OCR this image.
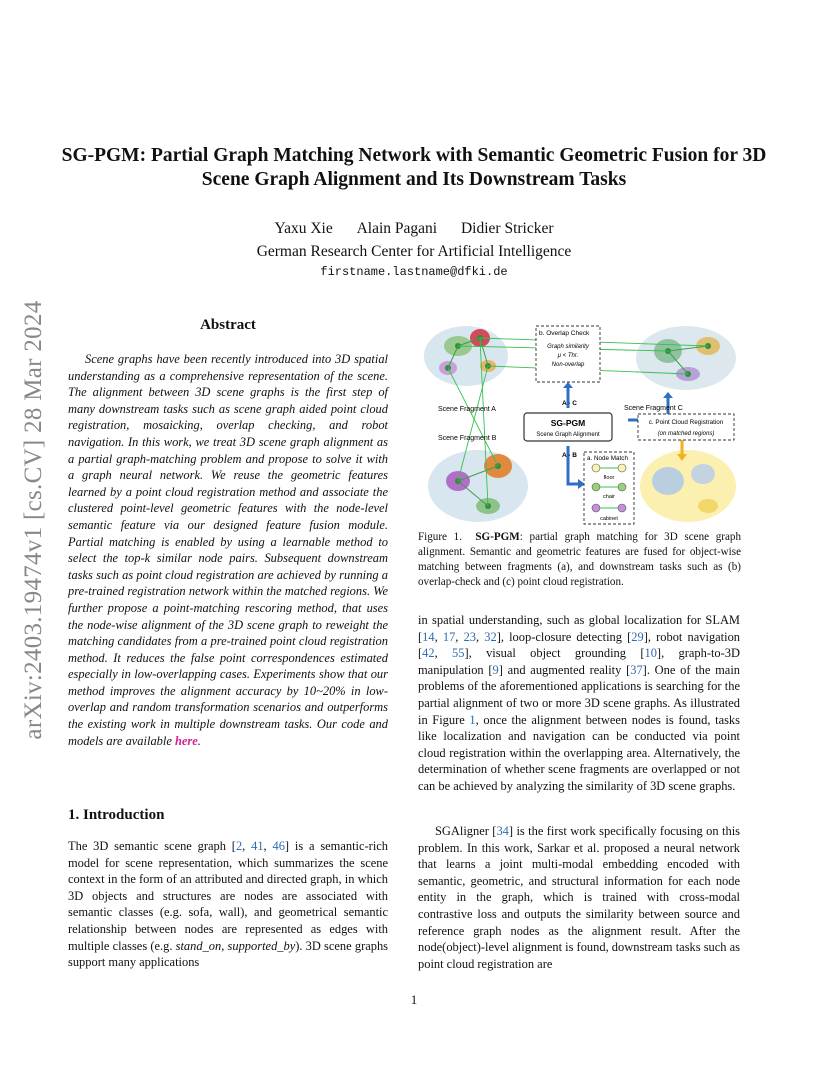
arXiv:2403.19474v1 [cs.CV] 28 Mar 2024
SG-PGM: Partial Graph Matching Network with Semantic Geometric Fusion for 3D Scene Graph Alignment and Its Downstream Tasks
Yaxu Xie Alain Pagani Didier Stricker
German Research Center for Artificial Intelligence
firstname.lastname@dfki.de
Abstract

Scene graphs have been recently introduced into 3D spatial understanding as a comprehensive representation of the scene. The alignment between 3D scene graphs is the first step of many downstream tasks such as scene graph aided point cloud registration, mosaicking, overlap checking, and robot navigation. In this work, we treat 3D scene graph alignment as a partial graph-matching problem and propose to solve it with a graph neural network. We reuse the geometric features learned by a point cloud registration method and associate the clustered point-level geometric features with the node-level semantic feature via our designed feature fusion module. Partial matching is enabled by using a learnable method to select the top-k similar node pairs. Subsequent downstream tasks such as point cloud registration are achieved by running a pre-trained registration network within the matched regions. We further propose a point-matching rescoring method, that uses the node-wise alignment of the 3D scene graph to reweight the matching candidates from a pre-trained point cloud registration method. It reduces the false point correspondences estimated especially in low-overlapping cases. Experiments show that our method improves the alignment accuracy by 10~20% in low-overlap and random transformation scenarios and outperforms the existing work in multiple downstream tasks. Our code and models are available here.

1. Introduction

The 3D semantic scene graph [2, 41, 46] is a semantic-rich model for scene representation, which summarizes the scene context in the form of an attributed and directed graph, in which 3D objects and structures are nodes are associated with semantic classes (e.g. sofa, wall), and geometrical semantic relationship between nodes are represented as edges with multiple classes (e.g. stand_on, supported_by). 3D scene graphs support many applications

b. Overlap Check
Graph similarity
μ < Thr.
Non-overlap
Scene Fragment A
Scene Fragment B
Scene Fragment C
A - C
A - B
SG-PGM
Scene Graph Alignment
c. Point Cloud Registration
(on matched regions)
a. Node Match
floor
chair
cabinet

Figure 1. SG-PGM: partial graph matching for 3D scene graph alignment. Semantic and geometric features are fused for object-wise matching between fragments (a), and downstream tasks such as (b) overlap-check and (c) point cloud registration.

in spatial understanding, such as global localization for SLAM [14, 17, 23, 32], loop-closure detecting [29], robot navigation [42, 55], visual object grounding [10], graph-to-3D manipulation [9] and augmented reality [37]. One of the main problems of the aforementioned applications is searching for the partial alignment of two or more 3D scene graphs. As illustrated in Figure 1, once the alignment between nodes is found, tasks like localization and navigation can be conducted via point cloud registration within the overlapping area. Alternatively, the determination of whether scene fragments are overlapped or not can be achieved by analyzing the similarity of 3D scene graphs.

SGAligner [34] is the first work specifically focusing on this problem. In this work, Sarkar et al. proposed a neural network that learns a joint multi-modal embedding encoded with semantic, geometric, and structural information for each node entity in the graph, which is trained with cross-modal contrastive loss and outputs the similarity between source and reference graph nodes as the alignment result. After the node(object)-level alignment is found, downstream tasks such as point cloud registration are

1
